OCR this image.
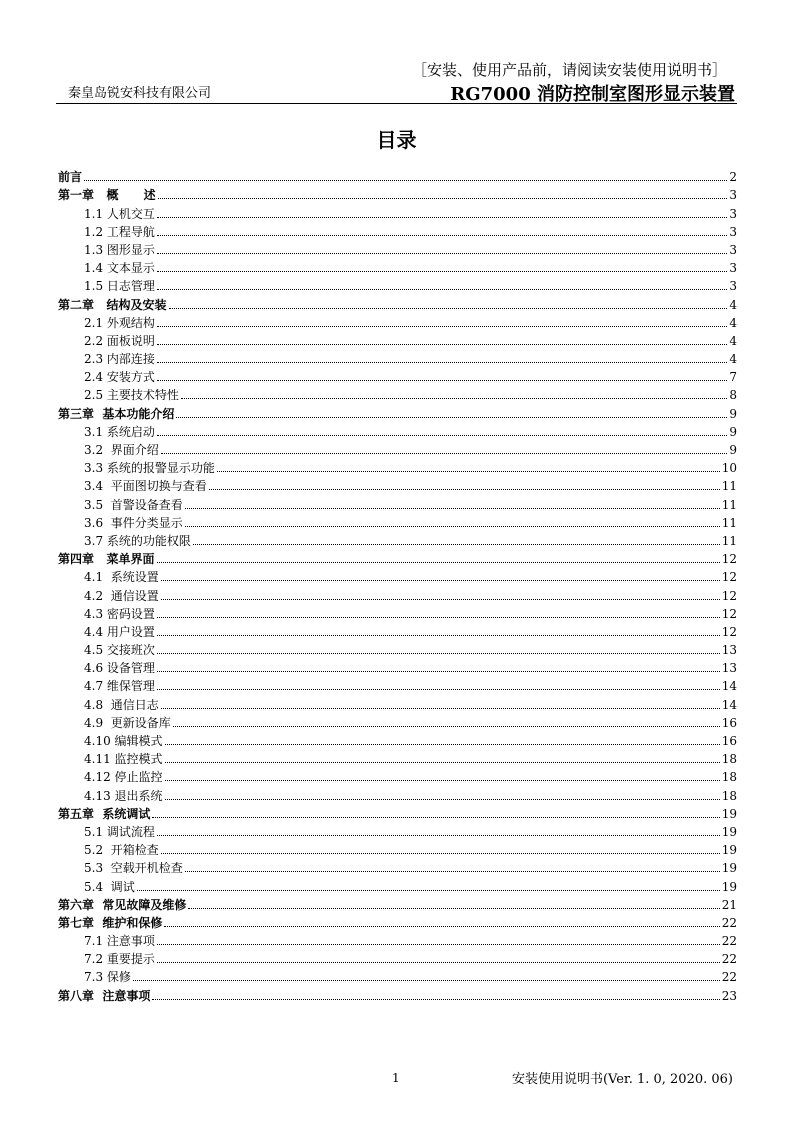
秦皇岛锐安科技有限公司
［安装、使用产品前，请阅读安装使用说明书］
RG7000 消防控制室图形显示装置
目录
前言	2
第一章   概      述	3
1.1 人机交互	3
1.2 工程导航	3
1.3 图形显示	3
1.4 文本显示	3
1.5 日志管理	3
第二章   结构及安装	4
2.1 外观结构	4
2.2 面板说明	4
2.3 内部连接	4
2.4 安装方式	7
2.5 主要技术特性	8
第三章  基本功能介绍	9
3.1 系统启动	9
3.2  界面介绍	9
3.3 系统的报警显示功能	10
3.4  平面图切换与查看	11
3.5  首警设备查看	11
3.6  事件分类显示	11
3.7 系统的功能权限	11
第四章   菜单界面	12
4.1  系统设置	12
4.2  通信设置	12
4.3 密码设置	12
4.4 用户设置	12
4.5 交接班次	13
4.6 设备管理	13
4.7 维保管理	14
4.8  通信日志	14
4.9  更新设备库	16
4.10 编辑模式	16
4.11 监控模式	18
4.12 停止监控	18
4.13 退出系统	18
第五章  系统调试	19
5.1 调试流程	19
5.2  开箱检查	19
5.3  空载开机检查	19
5.4  调试	19
第六章  常见故障及维修	21
第七章  维护和保修	22
7.1 注意事项	22
7.2 重要提示	22
7.3 保修	22
第八章  注意事项	23
1	安装使用说明书(Ver. 1. 0, 2020. 06)
